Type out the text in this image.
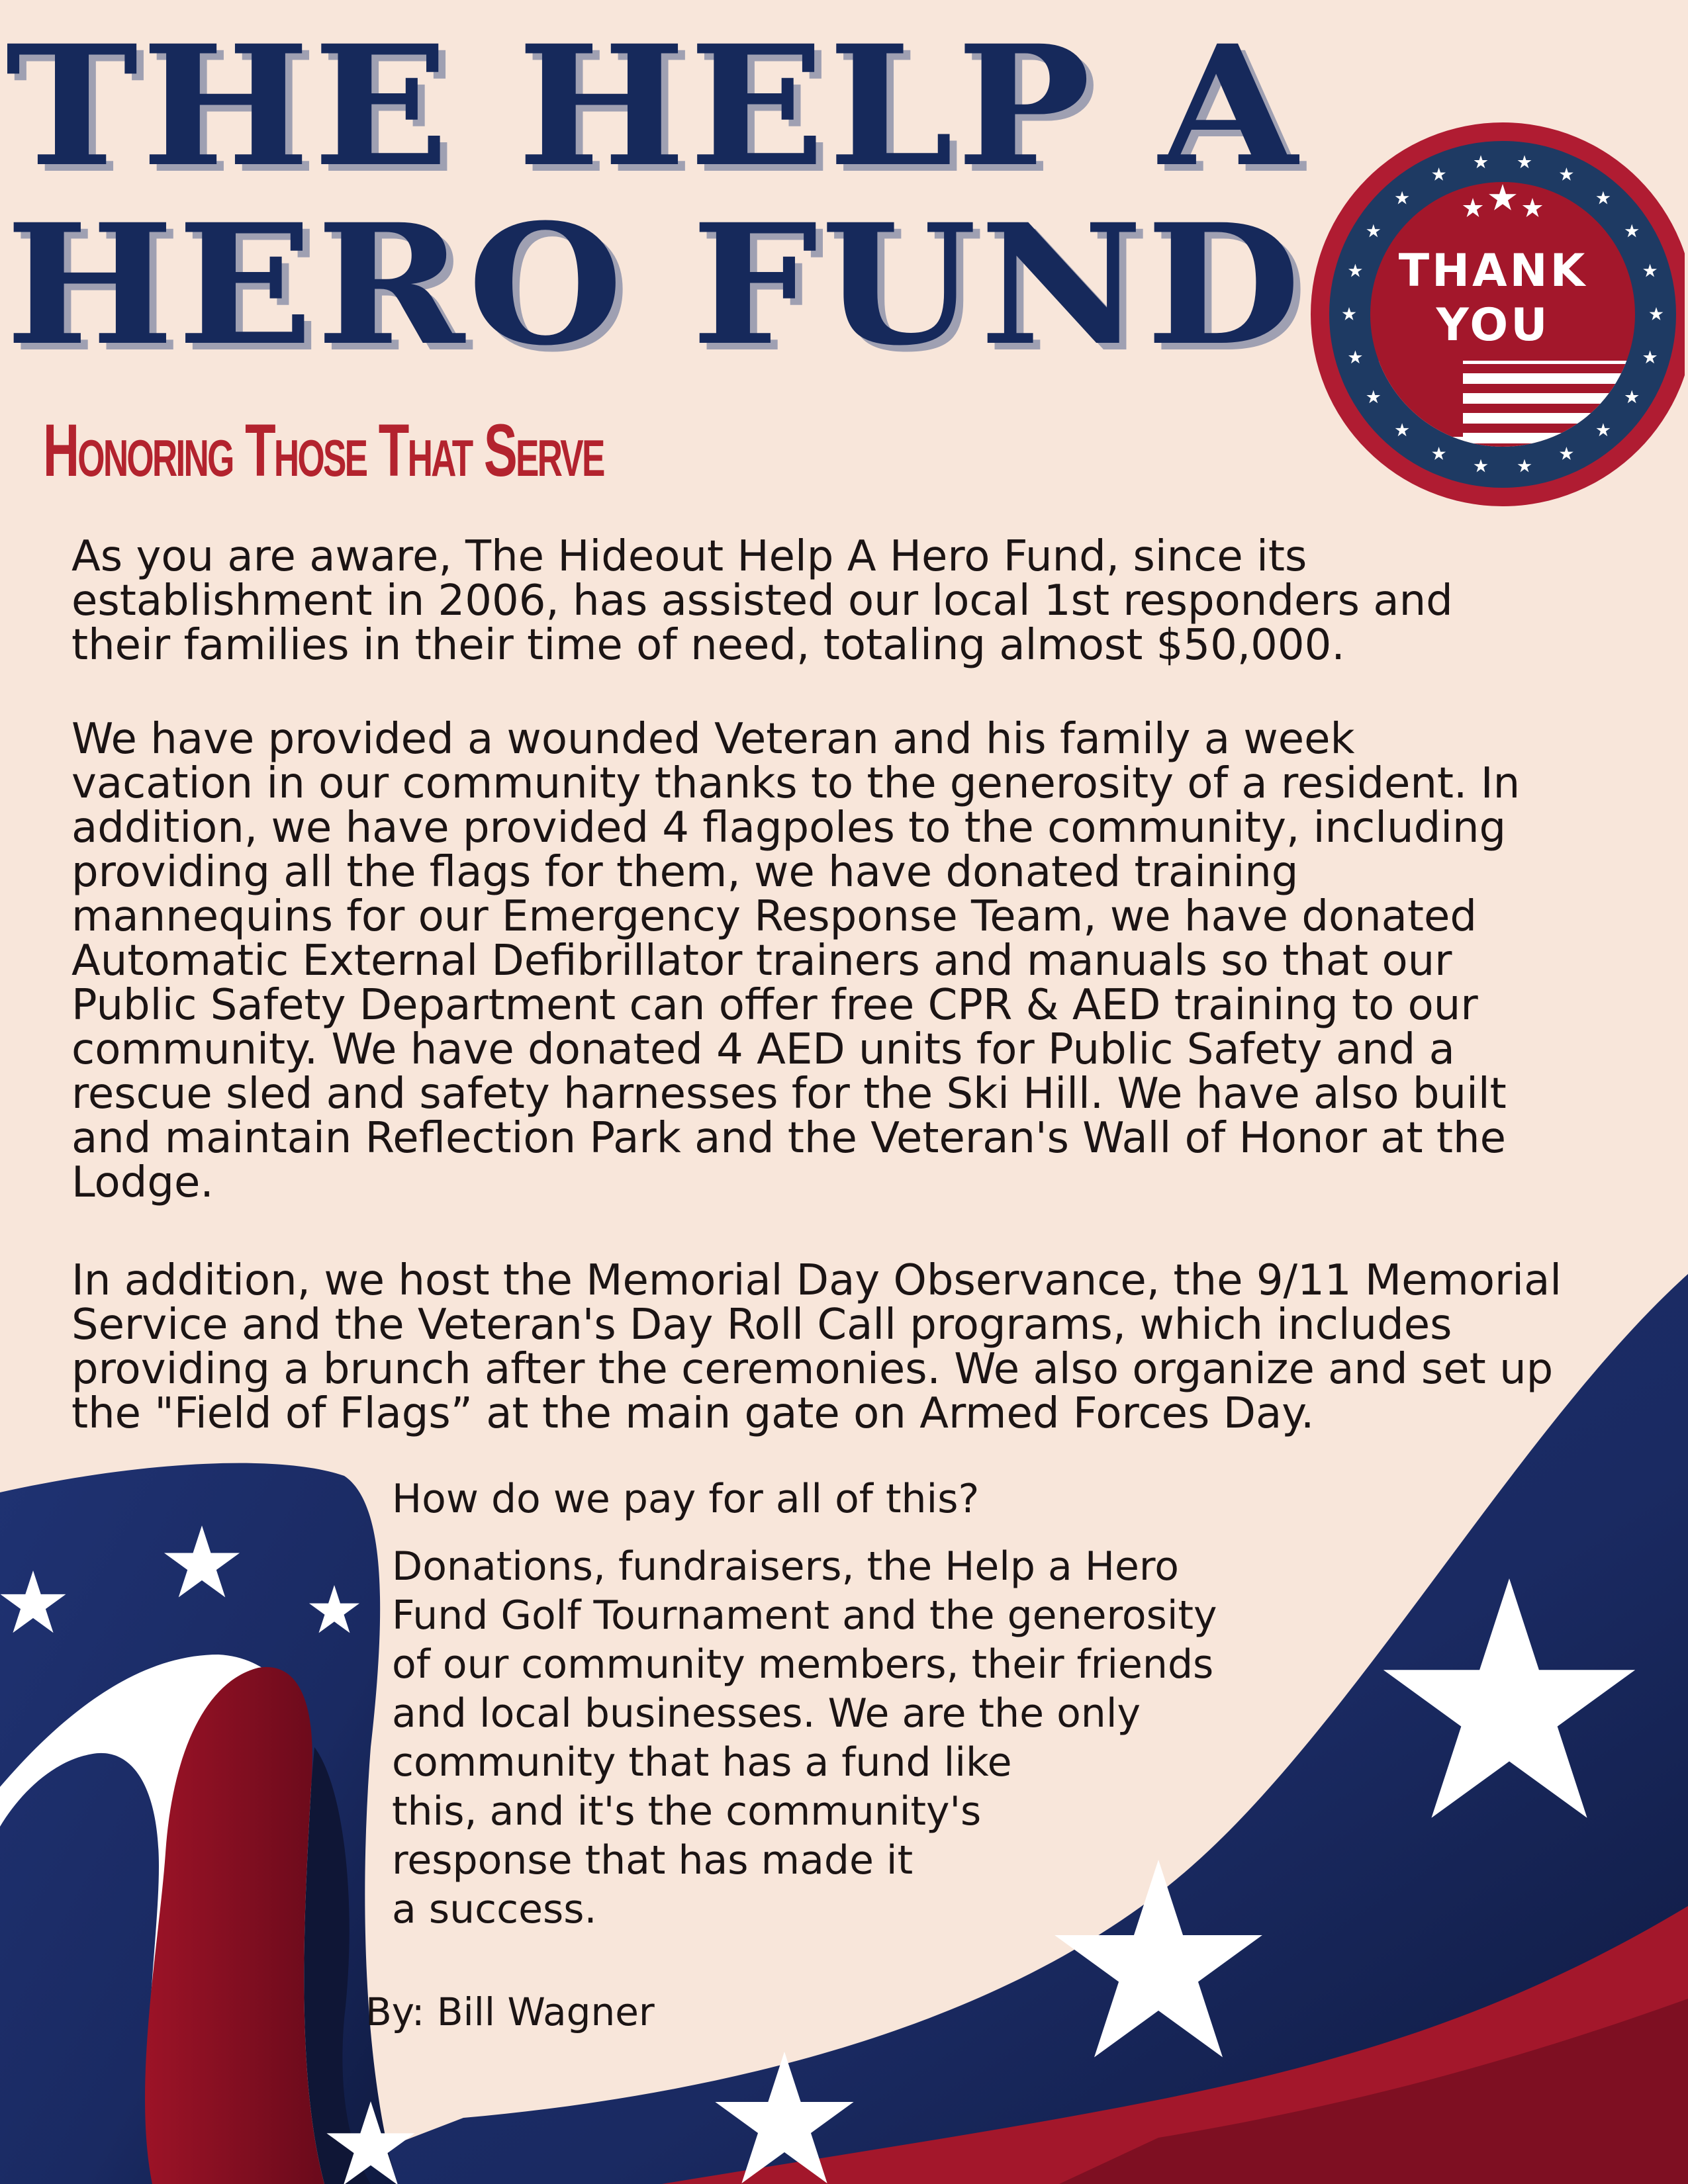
THANK
YOU
THE HELP A
HERO FUND
Honoring Those That Serve

As you are aware, The Hideout Help A Hero Fund, since its
establishment in 2006, has assisted our local 1st responders and
their families in their time of need, totaling almost $50,000.

We have provided a wounded Veteran and his family a week
vacation in our community thanks to the generosity of a resident. In
addition, we have provided 4 flagpoles to the community, including
providing all the flags for them, we have donated training
mannequins for our Emergency Response Team, we have donated
Automatic External Defibrillator trainers and manuals so that our
Public Safety Department can offer free CPR & AED training to our
community. We have donated 4 AED units for Public Safety and a
rescue sled and safety harnesses for the Ski Hill. We have also built
and maintain Reflection Park and the Veteran's Wall of Honor at the
Lodge.

In addition, we host the Memorial Day Observance, the 9/11 Memorial
Service and the Veteran's Day Roll Call programs, which includes
providing a brunch after the ceremonies. We also organize and set up
the "Field of Flags” at the main gate on Armed Forces Day.

How do we pay for all of this?

Donations, fundraisers, the Help a Hero
Fund Golf Tournament and the generosity
of our community members, their friends
and local businesses. We are the only
community that has a fund like
this, and it's the community's
response that has made it
a success.

By: Bill Wagner
